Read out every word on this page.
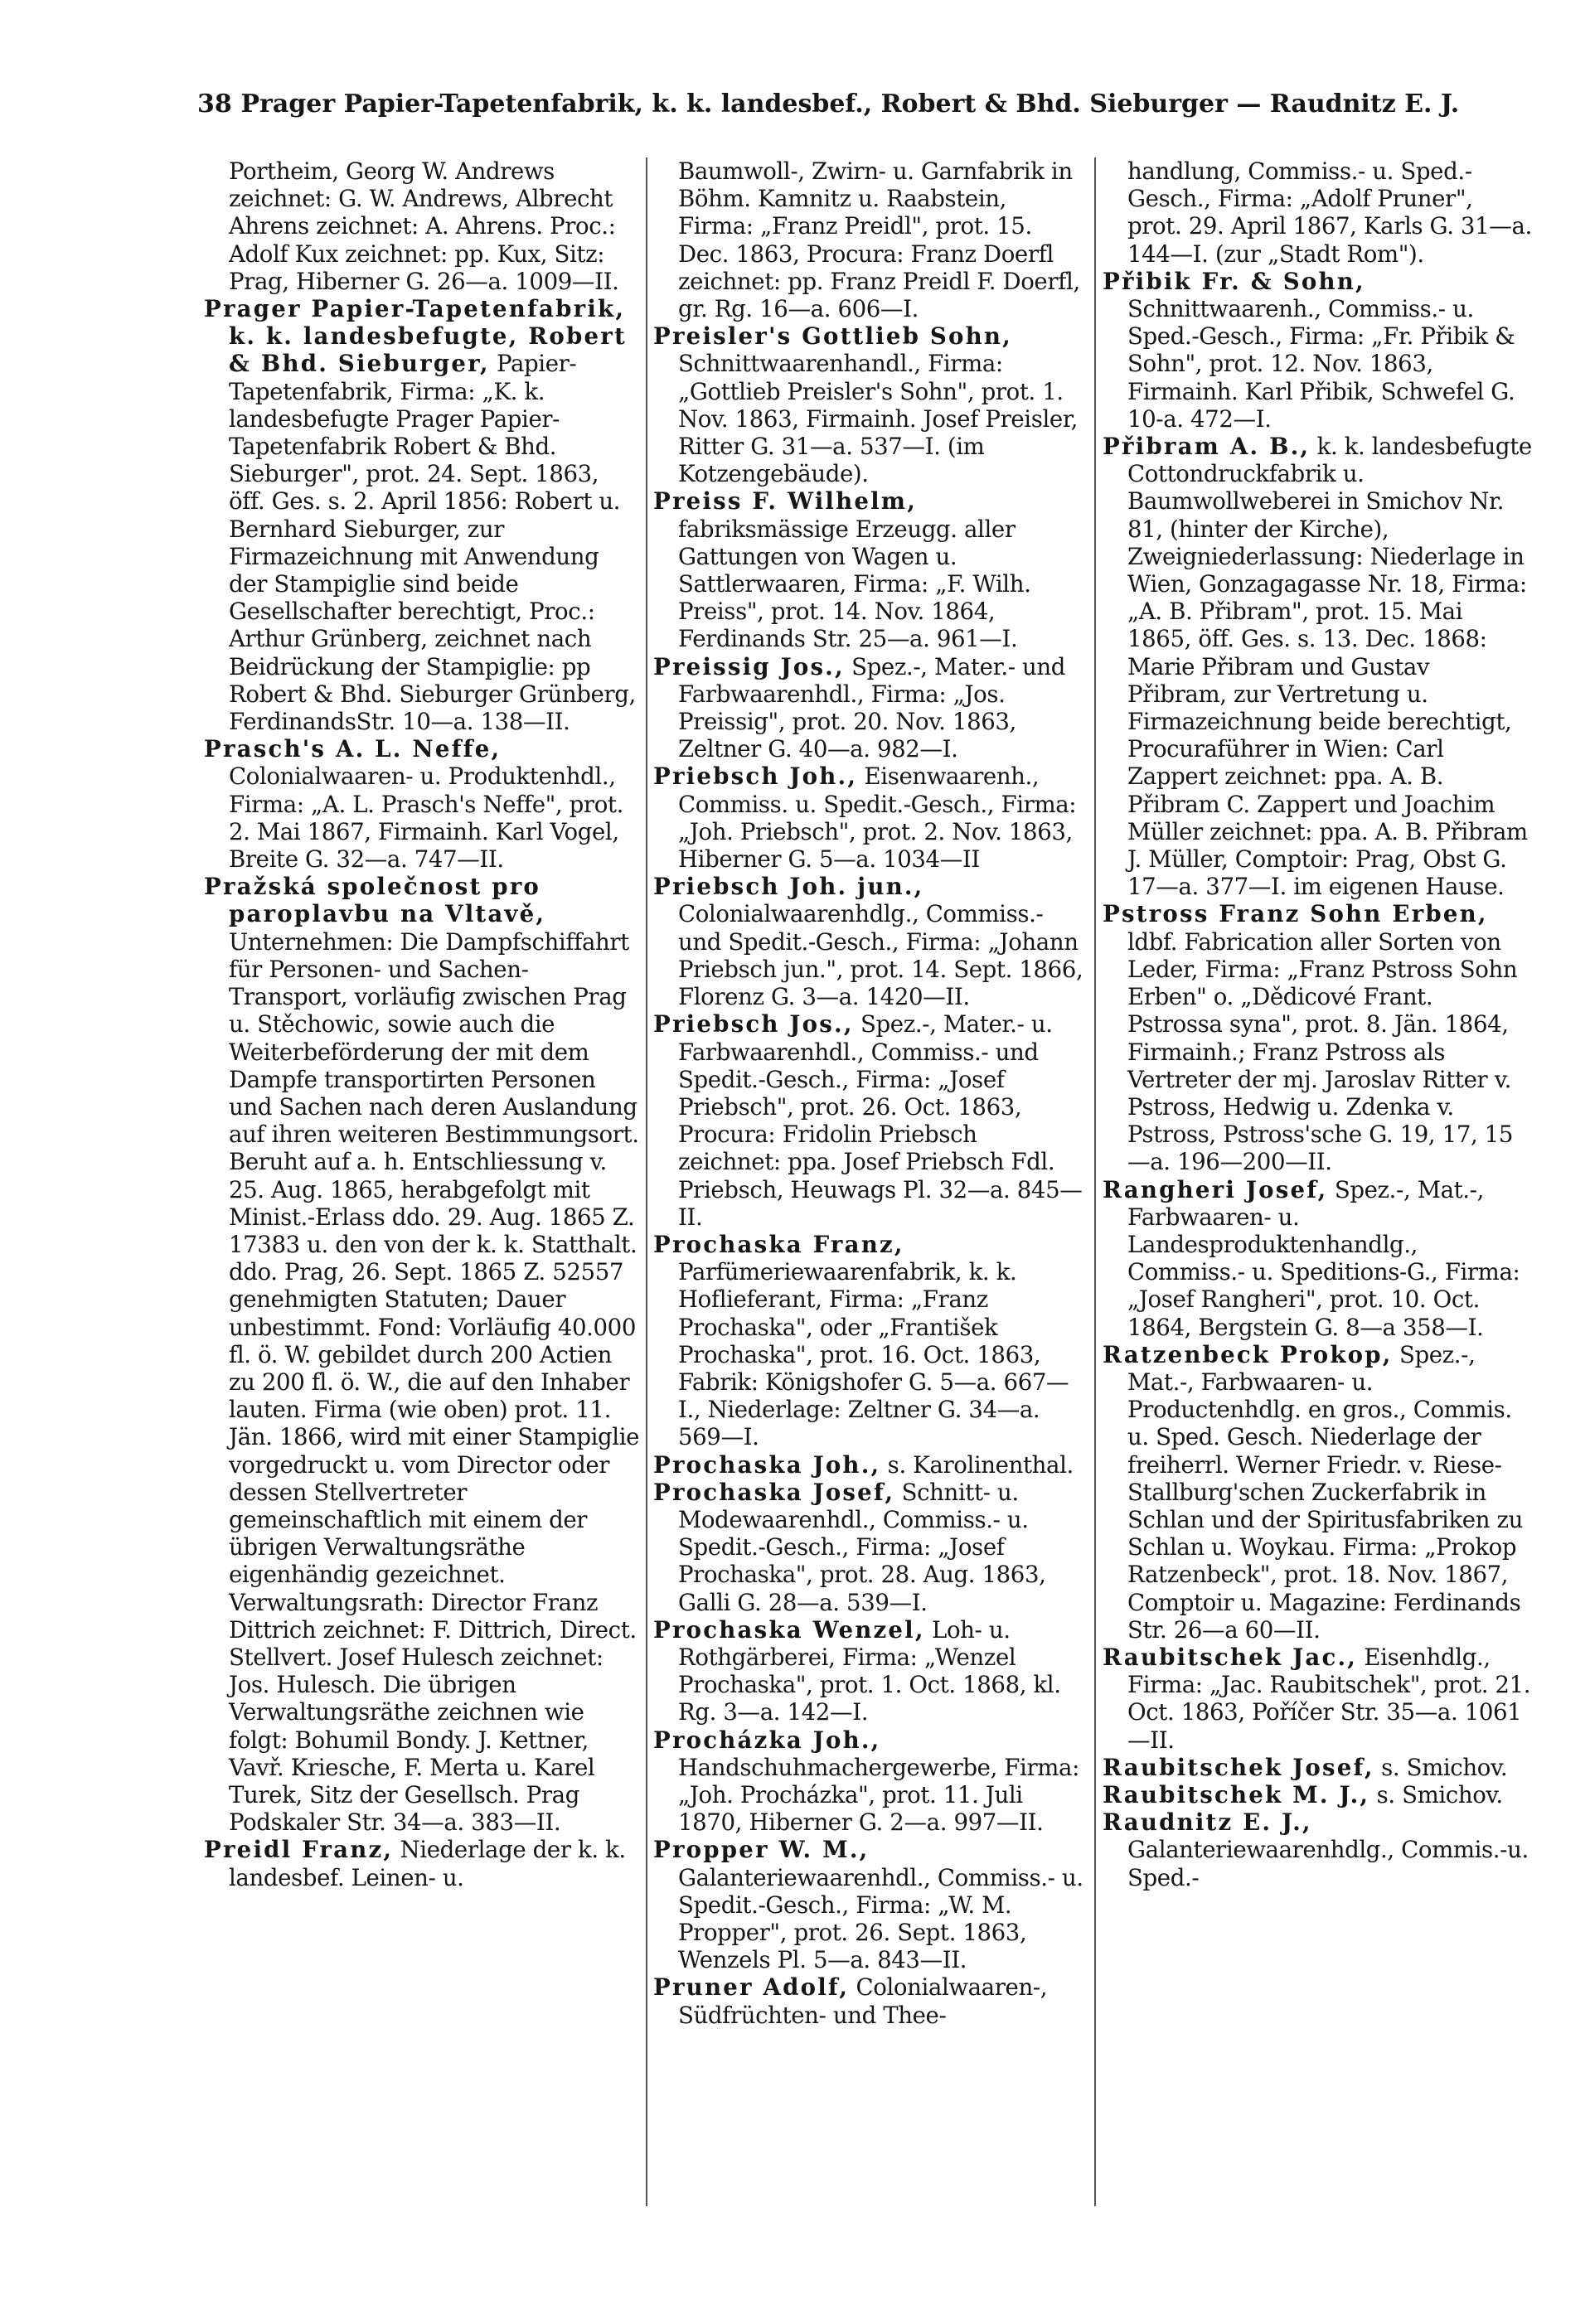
38 Prager Papier-Tapetenfabrik, k. k. landesbef., Robert & Bhd. Sieburger — Raudnitz E. J.

Portheim, Georg W. Andrews zeichnet: G. W. Andrews, Albrecht Ahrens zeichnet: A. Ahrens. Proc.: Adolf Kux zeichnet: pp. Kux, Sitz: Prag, Hiberner G. 26—a. 1009—II.

Prager Papier-Tapetenfabrik, k. k. landesbefugte, Robert & Bhd. Sieburger, Papier-Tapetenfabrik, Firma: „K. k. landesbefugte Prager Papier-Tapetenfabrik Robert & Bhd. Sieburger", prot. 24. Sept. 1863, öff. Ges. s. 2. April 1856: Robert u. Bernhard Sieburger, zur Firmazeichnung mit Anwendung der Stampiglie sind beide Gesellschafter berechtigt, Proc.: Arthur Grünberg, zeichnet nach Beidrückung der Stampiglie: pp Robert & Bhd. Sieburger Grünberg, FerdinandsStr. 10—a. 138—II.

Prasch's A. L. Neffe, Colonialwaaren- u. Produktenhdl., Firma: „A. L. Prasch's Neffe", prot. 2. Mai 1867, Firmainh. Karl Vogel, Breite G. 32—a. 747—II.

Pražská společnost pro paroplavbu na Vltavě, Unternehmen: Die Dampfschiffahrt für Personen- und Sachen-Transport, vorläufig zwischen Prag u. Stěchowic, sowie auch die Weiterbeförderung der mit dem Dampfe transportirten Personen und Sachen nach deren Auslandung auf ihren weiteren Bestimmungsort. Beruht auf a. h. Entschliessung v. 25. Aug. 1865, herabgefolgt mit Minist.-Erlass ddo. 29. Aug. 1865 Z. 17383 u. den von der k. k. Statthalt. ddo. Prag, 26. Sept. 1865 Z. 52557 genehmigten Statuten; Dauer unbestimmt. Fond: Vorläufig 40.000 fl. ö. W. gebildet durch 200 Actien zu 200 fl. ö. W., die auf den Inhaber lauten. Firma (wie oben) prot. 11. Jän. 1866, wird mit einer Stampiglie vorgedruckt u. vom Director oder dessen Stellvertreter gemeinschaftlich mit einem der übrigen Verwaltungsräthe eigenhändig gezeichnet. Verwaltungsrath: Director Franz Dittrich zeichnet: F. Dittrich, Direct. Stellvert. Josef Hulesch zeichnet: Jos. Hulesch. Die übrigen Verwaltungsräthe zeichnen wie folgt: Bohumil Bondy. J. Kettner, Vavř. Kriesche, F. Merta u. Karel Turek, Sitz der Gesellsch. Prag Podskaler Str. 34—a. 383—II.

Preidl Franz, Niederlage der k. k. landesbef. Leinen- u.

Baumwoll-, Zwirn- u. Garnfabrik in Böhm. Kamnitz u. Raabstein, Firma: „Franz Preidl", prot. 15. Dec. 1863, Procura: Franz Doerfl zeichnet: pp. Franz Preidl F. Doerfl, gr. Rg. 16—a. 606—I.

Preisler's Gottlieb Sohn, Schnittwaarenhandl., Firma: „Gottlieb Preisler's Sohn", prot. 1. Nov. 1863, Firmainh. Josef Preisler, Ritter G. 31—a. 537—I. (im Kotzengebäude).

Preiss F. Wilhelm, fabriksmässige Erzeugg. aller Gattungen von Wagen u. Sattlerwaaren, Firma: „F. Wilh. Preiss", prot. 14. Nov. 1864, Ferdinands Str. 25—a. 961—I.

Preissig Jos., Spez.-, Mater.- und Farbwaarenhdl., Firma: „Jos. Preissig", prot. 20. Nov. 1863, Zeltner G. 40—a. 982—I.

Priebsch Joh., Eisenwaarenh., Commiss. u. Spedit.-Gesch., Firma: „Joh. Priebsch", prot. 2. Nov. 1863, Hiberner G. 5—a. 1034—II

Priebsch Joh. jun., Colonialwaarenhdlg., Commiss.- und Spedit.-Gesch., Firma: „Johann Priebsch jun.", prot. 14. Sept. 1866, Florenz G. 3—a. 1420—II.

Priebsch Jos., Spez.-, Mater.- u. Farbwaarenhdl., Commiss.- und Spedit.-Gesch., Firma: „Josef Priebsch", prot. 26. Oct. 1863, Procura: Fridolin Priebsch zeichnet: ppa. Josef Priebsch Fdl. Priebsch, Heuwags Pl. 32—a. 845—II.

Prochaska Franz, Parfümeriewaarenfabrik, k. k. Hoflieferant, Firma: „Franz Prochaska", oder „František Prochaska", prot. 16. Oct. 1863, Fabrik: Königshofer G. 5—a. 667—I., Niederlage: Zeltner G. 34—a. 569—I.

Prochaska Joh., s. Karolinenthal.

Prochaska Josef, Schnitt- u. Modewaarenhdl., Commiss.- u. Spedit.-Gesch., Firma: „Josef Prochaska", prot. 28. Aug. 1863, Galli G. 28—a. 539—I.

Prochaska Wenzel, Loh- u. Rothgärberei, Firma: „Wenzel Prochaska", prot. 1. Oct. 1868, kl. Rg. 3—a. 142—I.

Procházka Joh., Handschuhmachergewerbe, Firma: „Joh. Procházka", prot. 11. Juli 1870, Hiberner G. 2—a. 997—II.

Propper W. M., Galanteriewaarenhdl., Commiss.- u. Spedit.-Gesch., Firma: „W. M. Propper", prot. 26. Sept. 1863, Wenzels Pl. 5—a. 843—II.

Pruner Adolf, Colonialwaaren-, Südfrüchten- und Thee-

handlung, Commiss.- u. Sped.-Gesch., Firma: „Adolf Pruner", prot. 29. April 1867, Karls G. 31—a. 144—I. (zur „Stadt Rom").

Přibik Fr. & Sohn, Schnittwaarenh., Commiss.- u. Sped.-Gesch., Firma: „Fr. Přibik & Sohn", prot. 12. Nov. 1863, Firmainh. Karl Přibik, Schwefel G. 10-a. 472—I.

Přibram A. B., k. k. landesbefugte Cottondruckfabrik u. Baumwollweberei in Smichov Nr. 81, (hinter der Kirche), Zweigniederlassung: Niederlage in Wien, Gonzagagasse Nr. 18, Firma: „A. B. Přibram", prot. 15. Mai 1865, öff. Ges. s. 13. Dec. 1868: Marie Přibram und Gustav Přibram, zur Vertretung u. Firmazeichnung beide berechtigt, Procuraführer in Wien: Carl Zappert zeichnet: ppa. A. B. Přibram C. Zappert und Joachim Müller zeichnet: ppa. A. B. Přibram J. Müller, Comptoir: Prag, Obst G. 17—a. 377—I. im eigenen Hause.

Pstross Franz Sohn Erben, ldbf. Fabrication aller Sorten von Leder, Firma: „Franz Pstross Sohn Erben" o. „Dědicové Frant. Pstrossa syna", prot. 8. Jän. 1864, Firmainh.; Franz Pstross als Vertreter der mj. Jaroslav Ritter v. Pstross, Hedwig u. Zdenka v. Pstross, Pstross'sche G. 19, 17, 15—a. 196—200—II.

Rangheri Josef, Spez.-, Mat.-, Farbwaaren- u. Landesproduktenhandlg., Commiss.- u. Speditions-G., Firma: „Josef Rangheri", prot. 10. Oct. 1864, Bergstein G. 8—a 358—I.

Ratzenbeck Prokop, Spez.-, Mat.-, Farbwaaren- u. Productenhdlg. en gros., Commis. u. Sped. Gesch. Niederlage der freiherrl. Werner Friedr. v. Riese-Stallburg'schen Zuckerfabrik in Schlan und der Spiritusfabriken zu Schlan u. Woykau. Firma: „Prokop Ratzenbeck", prot. 18. Nov. 1867, Comptoir u. Magazine: Ferdinands Str. 26—a 60—II.

Raubitschek Jac., Eisenhdlg., Firma: „Jac. Raubitschek", prot. 21. Oct. 1863, Poříčer Str. 35—a. 1061—II.

Raubitschek Josef, s. Smichov.

Raubitschek M. J., s. Smichov.

Raudnitz E. J., Galanteriewaarenhdlg., Commis.-u. Sped.-
